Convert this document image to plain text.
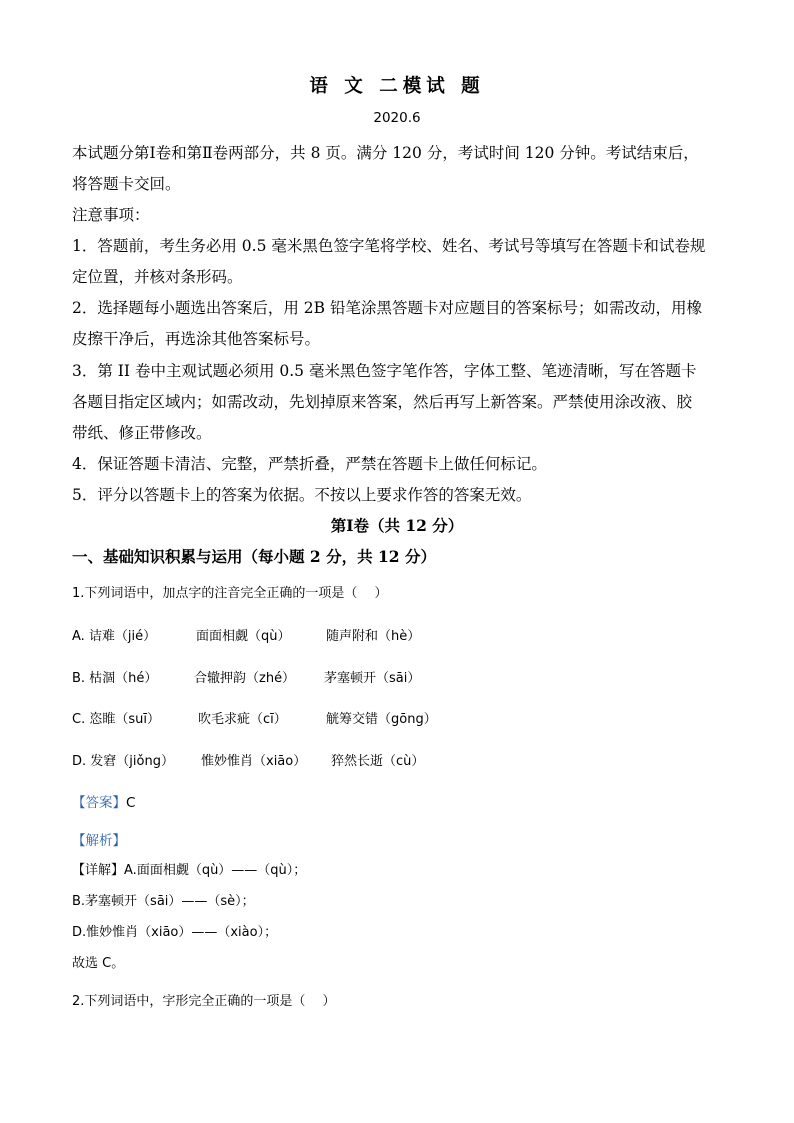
语 文 二模试 题
2020.6
本试题分第Ⅰ卷和第Ⅱ卷两部分，共 8 页。满分 120 分，考试时间 120 分钟。考试结束后，
将答题卡交回。
注意事项：
1．答题前，考生务必用 0.5 毫米黑色签字笔将学校、姓名、考试号等填写在答题卡和试卷规
定位置，并核对条形码。
2．选择题每小题选出答案后，用 2B 铅笔涂黑答题卡对应题目的答案标号；如需改动，用橡
皮擦干净后，再选涂其他答案标号。
3．第 II 卷中主观试题必须用 0.5 毫米黑色签字笔作答，字体工整、笔迹清晰，写在答题卡
各题目指定区域内；如需改动，先划掉原来答案，然后再写上新答案。严禁使用涂改液、胶
带纸、修正带修改。
4．保证答题卡清洁、完整，严禁折叠，严禁在答题卡上做任何标记。
5．评分以答题卡上的答案为依据。不按以上要求作答的答案无效。
第Ⅰ卷（共 12 分）
一、基础知识积累与运用（每小题 2 分，共 12 分）
1.下列词语中，加点字的注音完全正确的一项是（　 ）
A. 诘难（jié）	面面相觑（qù）	随声附和（hè）
B. 枯涸（hé）	合辙押韵（zhé） 茅塞顿开（sāi）
C. 恣睢（suī）	吹毛求疵（cī）	觥筹交错（gōng）
D. 发窘（jiǒng） 惟妙惟肖（xiāo） 猝然长逝（cù）
【答案】C
【解析】
【详解】A.面面相觑（qù）——（qù）；
B.茅塞顿开（sāi）——（sè）；
D.惟妙惟肖（xiāo）——（xiào）；
故选 C。
2.下列词语中，字形完全正确的一项是（　 ）
